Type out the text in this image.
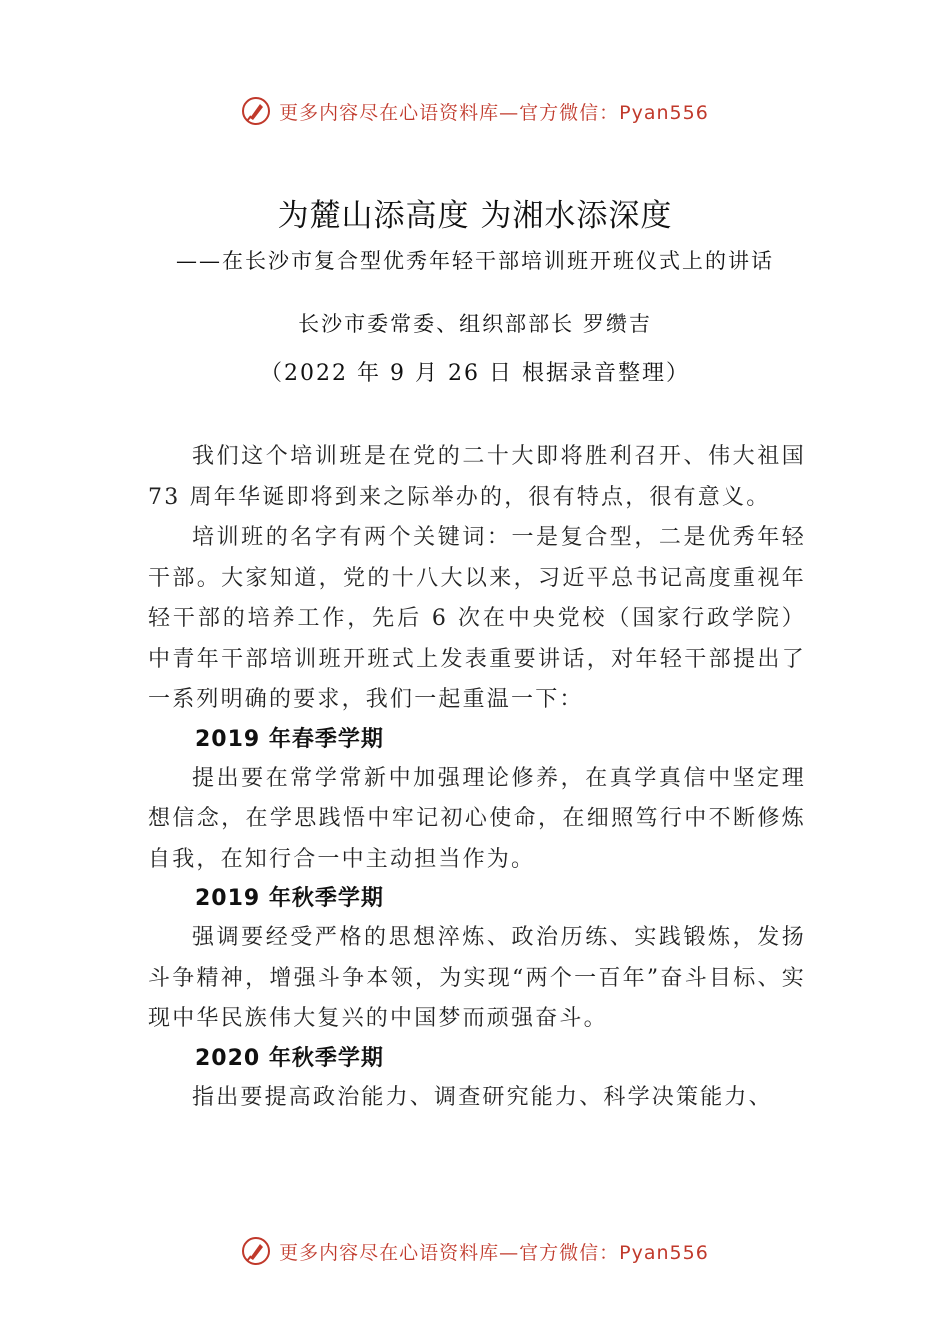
更多内容尽在心语资料库—官方微信：Pyan556
为麓山添高度 为湘水添深度
——在长沙市复合型优秀年轻干部培训班开班仪式上的讲话
长沙市委常委、组织部部长 罗缵吉
（2022 年 9 月 26 日 根据录音整理）

我们这个培训班是在党的二十大即将胜利召开、伟大祖国 73 周年华诞即将到来之际举办的，很有特点，很有意义。

培训班的名字有两个关键词：一是复合型，二是优秀年轻干部。大家知道，党的十八大以来，习近平总书记高度重视年轻干部的培养工作，先后 6 次在中央党校（国家行政学院）中青年干部培训班开班式上发表重要讲话，对年轻干部提出了一系列明确的要求，我们一起重温一下：

2019 年春季学期

提出要在常学常新中加强理论修养，在真学真信中坚定理想信念，在学思践悟中牢记初心使命，在细照笃行中不断修炼自我，在知行合一中主动担当作为。

2019 年秋季学期

强调要经受严格的思想淬炼、政治历练、实践锻炼，发扬斗争精神，增强斗争本领，为实现“两个一百年”奋斗目标、实现中华民族伟大复兴的中国梦而顽强奋斗。

2020 年秋季学期

指出要提高政治能力、调查研究能力、科学决策能力、

更多内容尽在心语资料库—官方微信：Pyan556
